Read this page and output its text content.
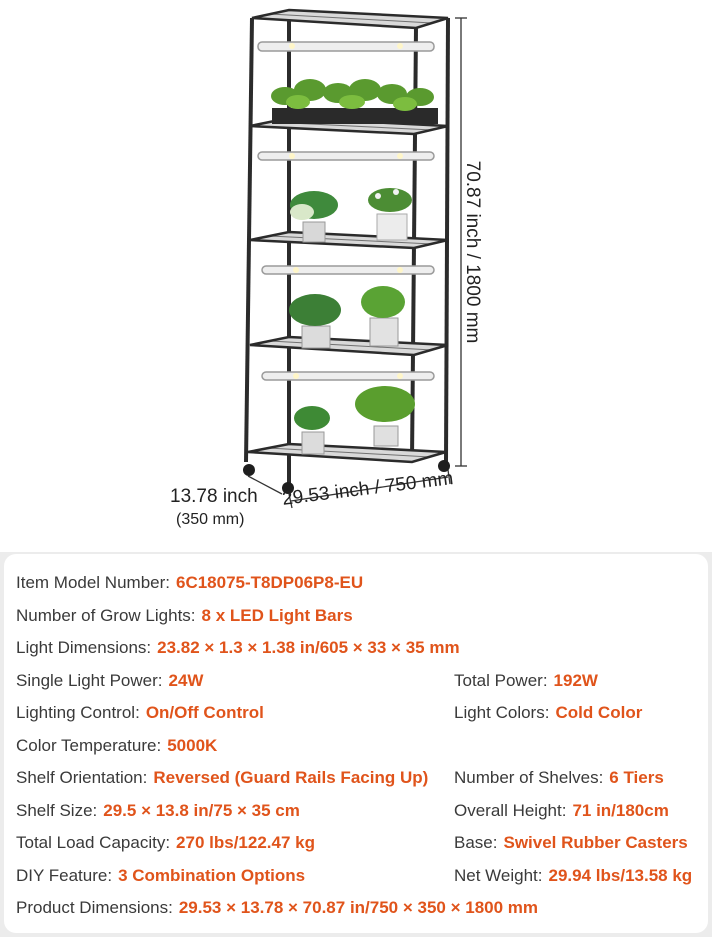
70.87 inch / 1800 mm
13.78 inch
(350 mm)
29.53 inch / 750 mm
Item Model Number: 6C18075-T8DP06P8-EU
Number of Grow Lights: 8 x LED Light Bars
Light Dimensions: 23.82 × 1.3 × 1.38 in/605 × 33 × 35 mm
Single Light Power: 24W
Lighting Control: On/Off Control
Color Temperature: 5000K
Shelf Orientation: Reversed (Guard Rails Facing Up)
Shelf Size: 29.5 × 13.8 in/75 × 35 cm
Total Load Capacity: 270 lbs/122.47 kg
DIY Feature: 3 Combination Options
Product Dimensions: 29.53 × 13.78 × 70.87 in/750 × 350 × 1800 mm
Total Power: 192W
Light Colors: Cold Color
Number of Shelves: 6 Tiers
Overall Height: 71 in/180cm
Base: Swivel Rubber Casters
Net Weight: 29.94 lbs/13.58 kg
